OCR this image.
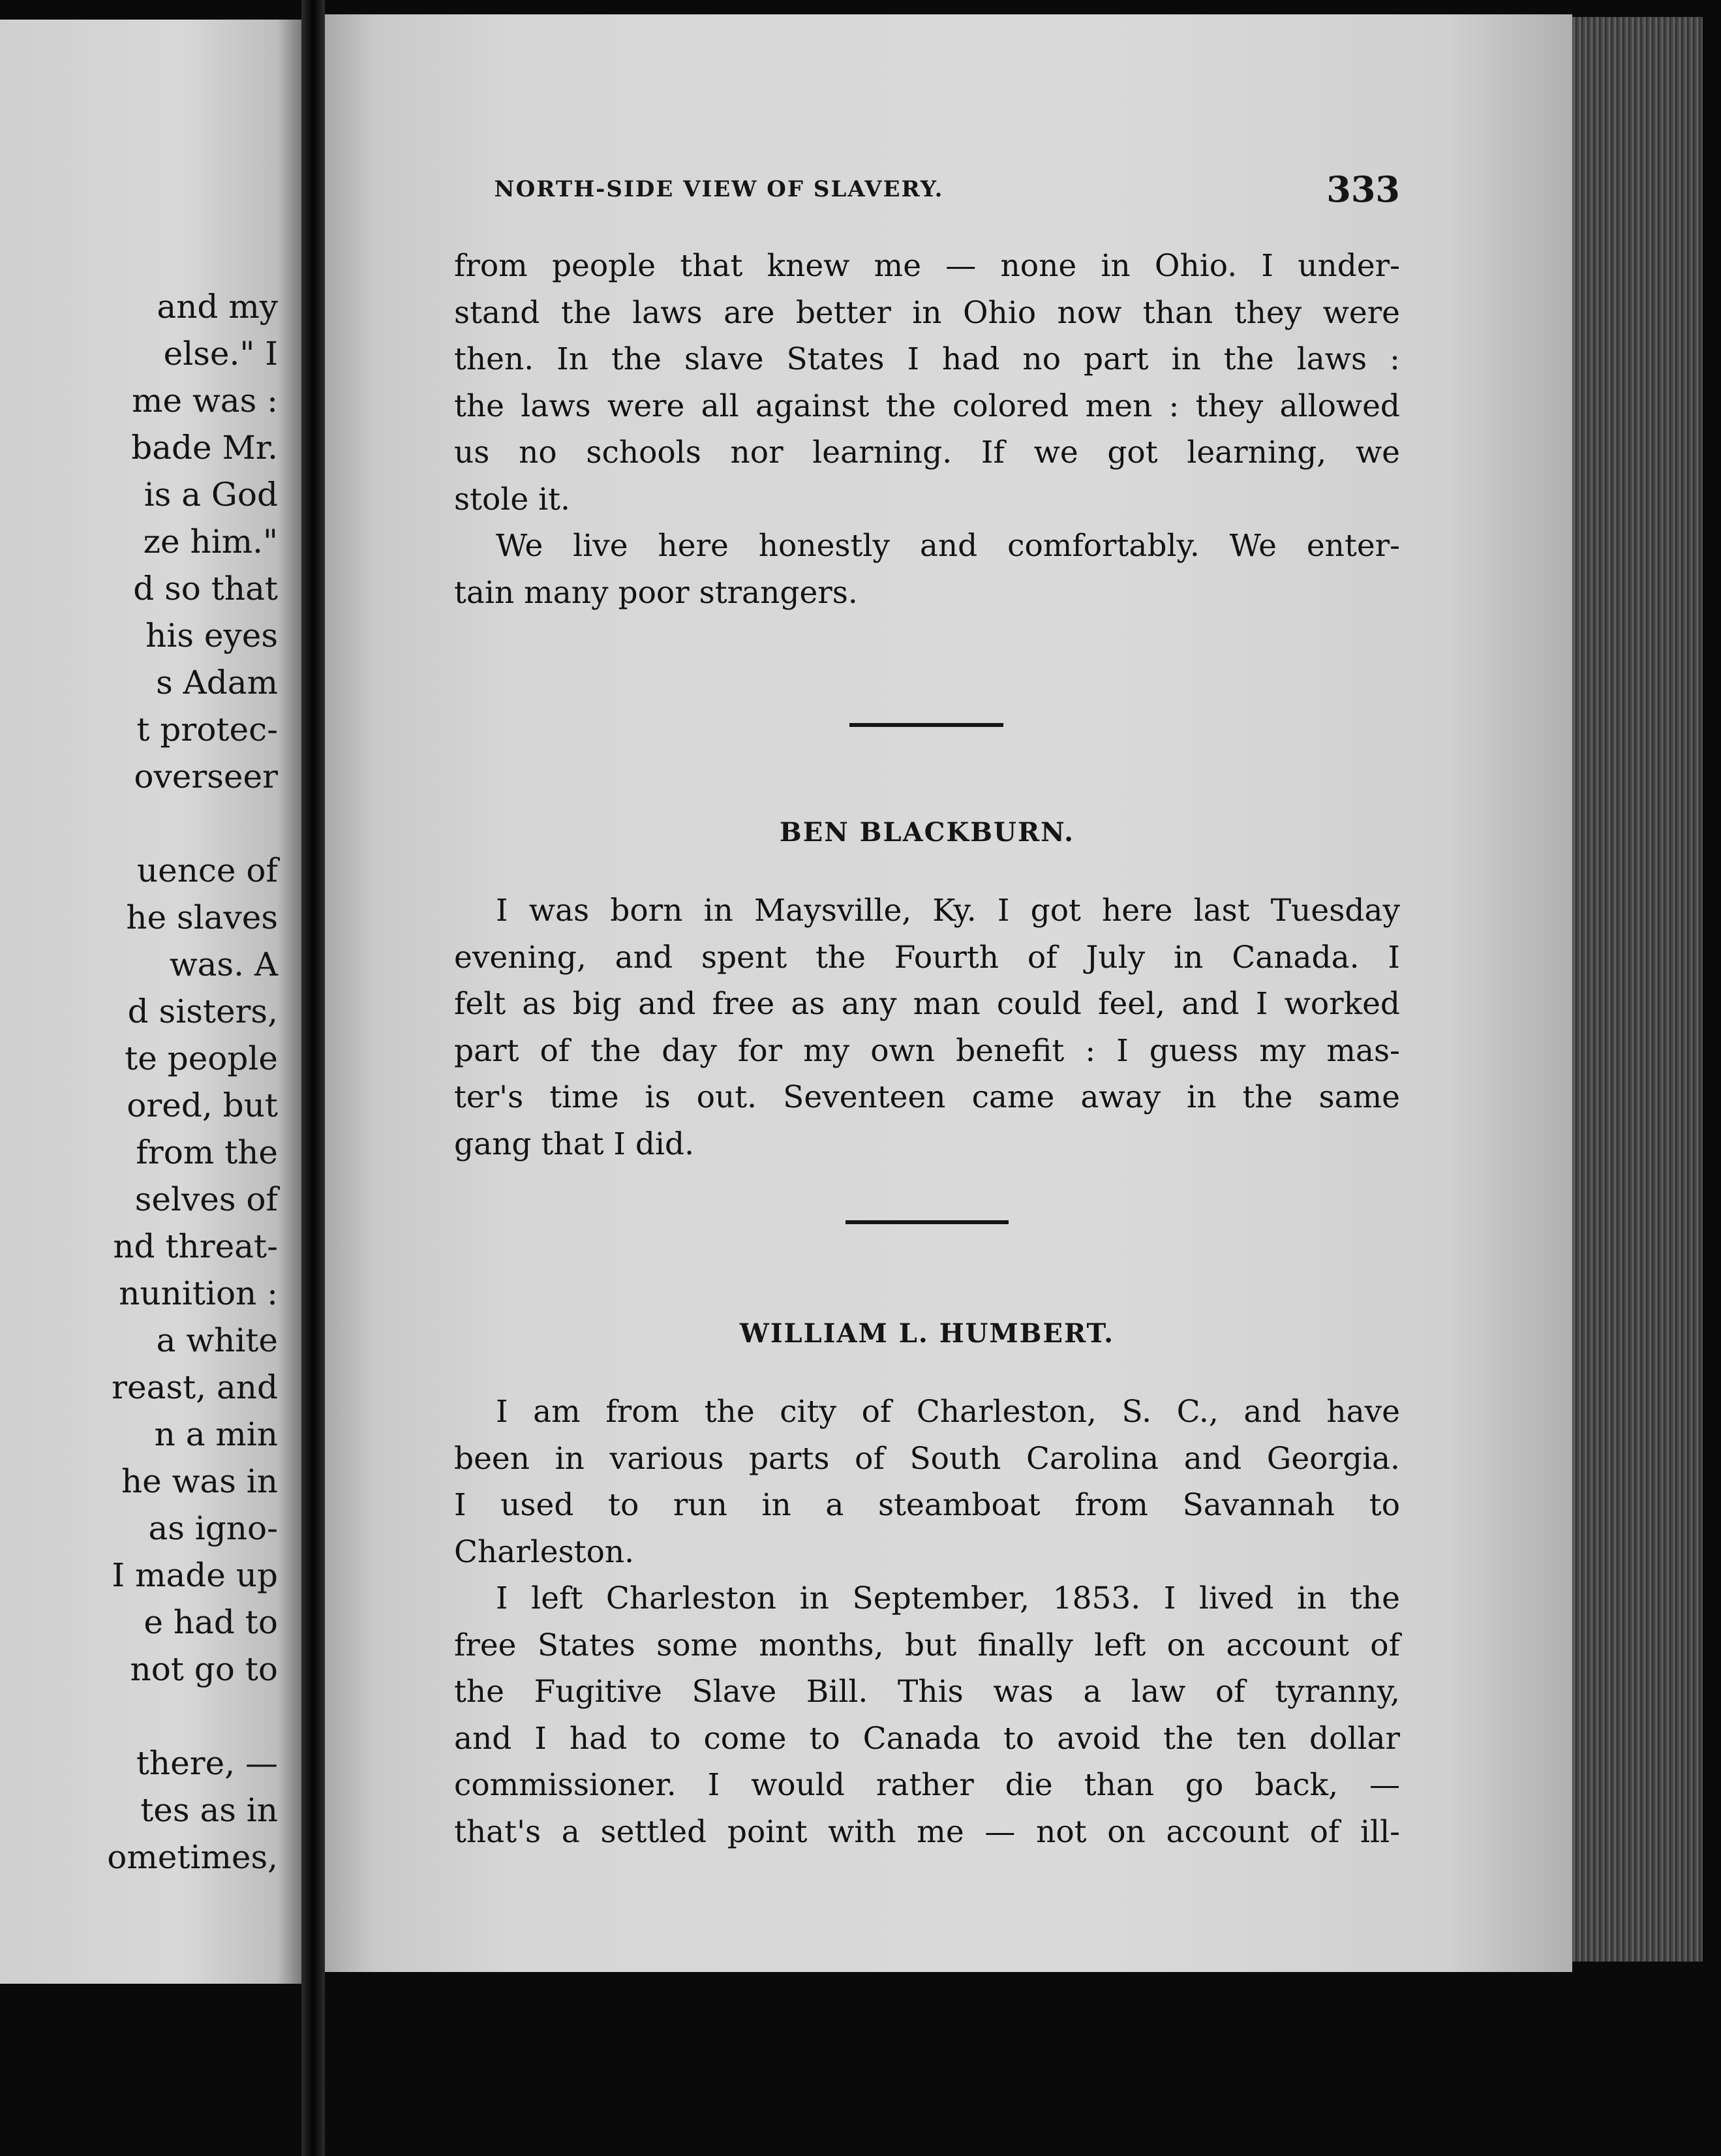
and my
else." I
me was :
bade Mr.
is a God
ze him."
d so that
his eyes
s Adam
t protec-
overseer
uence of
he slaves
was. A
d sisters,
te people
ored, but
from the
selves of
nd threat-
nunition :
a white
reast, and
n a min
he was in
as igno-
I made up
e had to
not go to
there, —
tes as in
ometimes,
NORTH-SIDE VIEW OF SLAVERY.	333
from people that knew me — none in Ohio. I under-
stand the laws are better in Ohio now than they were
then. In the slave States I had no part in the laws :
the laws were all against the colored men : they allowed
us no schools nor learning. If we got learning, we
stole it.
We live here honestly and comfortably. We enter-
tain many poor strangers.
BEN BLACKBURN.
I was born in Maysville, Ky. I got here last Tuesday
evening, and spent the Fourth of July in Canada. I
felt as big and free as any man could feel, and I worked
part of the day for my own benefit : I guess my mas-
ter's time is out. Seventeen came away in the same
gang that I did.
WILLIAM L. HUMBERT.
I am from the city of Charleston, S. C., and have
been in various parts of South Carolina and Georgia.
I used to run in a steamboat from Savannah to
Charleston.
I left Charleston in September, 1853. I lived in the
free States some months, but finally left on account of
the Fugitive Slave Bill. This was a law of tyranny,
and I had to come to Canada to avoid the ten dollar
commissioner. I would rather die than go back, —
that's a settled point with me — not on account of ill-
